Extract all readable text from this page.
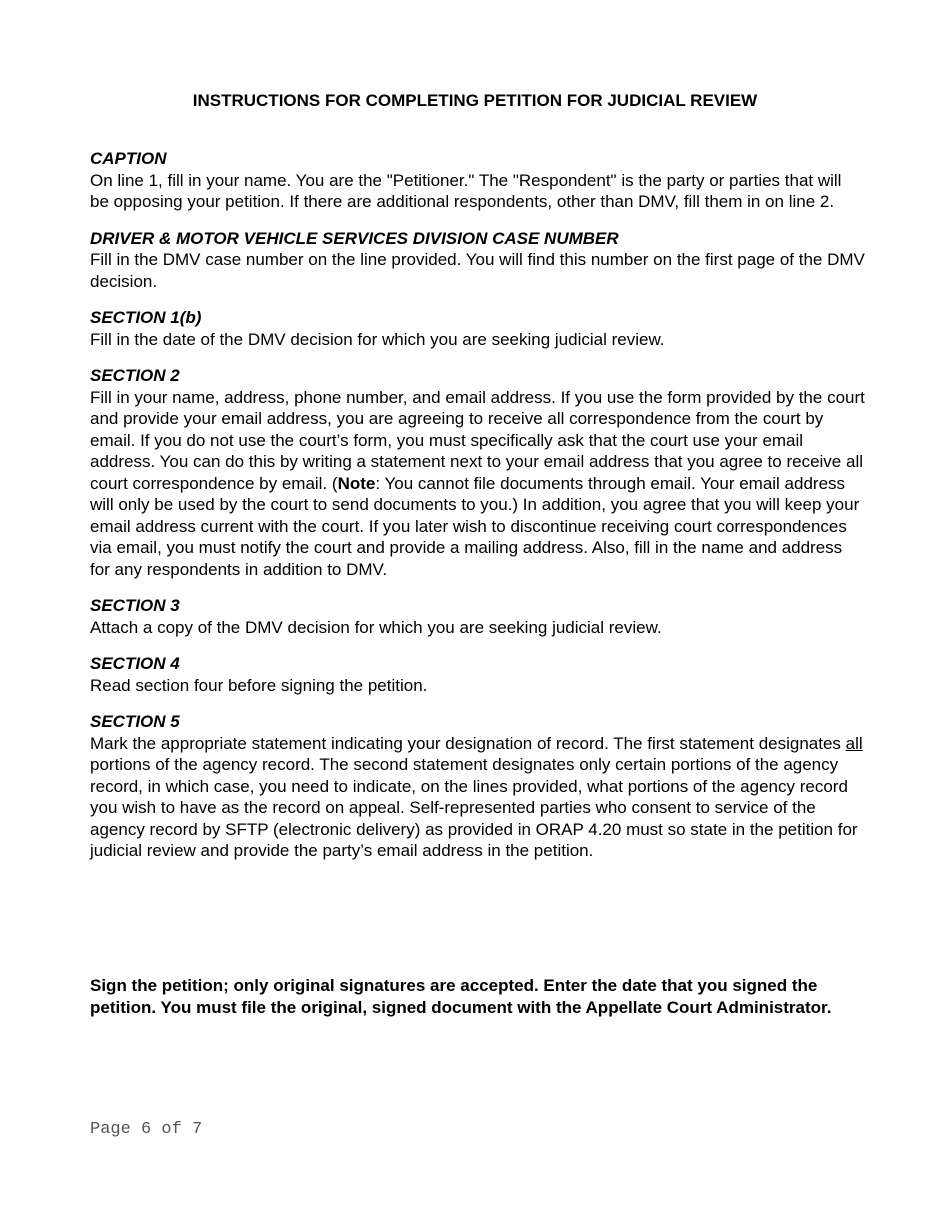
INSTRUCTIONS FOR COMPLETING PETITION FOR JUDICIAL REVIEW
CAPTION

On line 1, fill in your name. You are the "Petitioner." The "Respondent" is the party or parties that will be opposing your petition. If there are additional respondents, other than DMV, fill them in on line 2.

DRIVER & MOTOR VEHICLE SERVICES DIVISION CASE NUMBER

Fill in the DMV case number on the line provided. You will find this number on the first page of the DMV decision.

SECTION 1(b)

Fill in the date of the DMV decision for which you are seeking judicial review.

SECTION 2

Fill in your name, address, phone number, and email address. If you use the form provided by the court and provide your email address, you are agreeing to receive all correspondence from the court by email. If you do not use the court’s form, you must specifically ask that the court use your email address. You can do this by writing a statement next to your email address that you agree to receive all court correspondence by email. (Note: You cannot file documents through email. Your email address will only be used by the court to send documents to you.) In addition, you agree that you will keep your email address current with the court. If you later wish to discontinue receiving court correspondences via email, you must notify the court and provide a mailing address. Also, fill in the name and address for any respondents in addition to DMV.

SECTION 3

Attach a copy of the DMV decision for which you are seeking judicial review.

SECTION 4

Read section four before signing the petition.

SECTION 5

Mark the appropriate statement indicating your designation of record. The first statement designates all portions of the agency record. The second statement designates only certain portions of the agency record, in which case, you need to indicate, on the lines provided, what portions of the agency record you wish to have as the record on appeal. Self-represented parties who consent to service of the agency record by SFTP (electronic delivery) as provided in ORAP 4.20 must so state in the petition for judicial review and provide the party’s email address in the petition.

Sign the petition; only original signatures are accepted. Enter the date that you signed the petition. You must file the original, signed document with the Appellate Court Administrator.
Page 6 of 7
